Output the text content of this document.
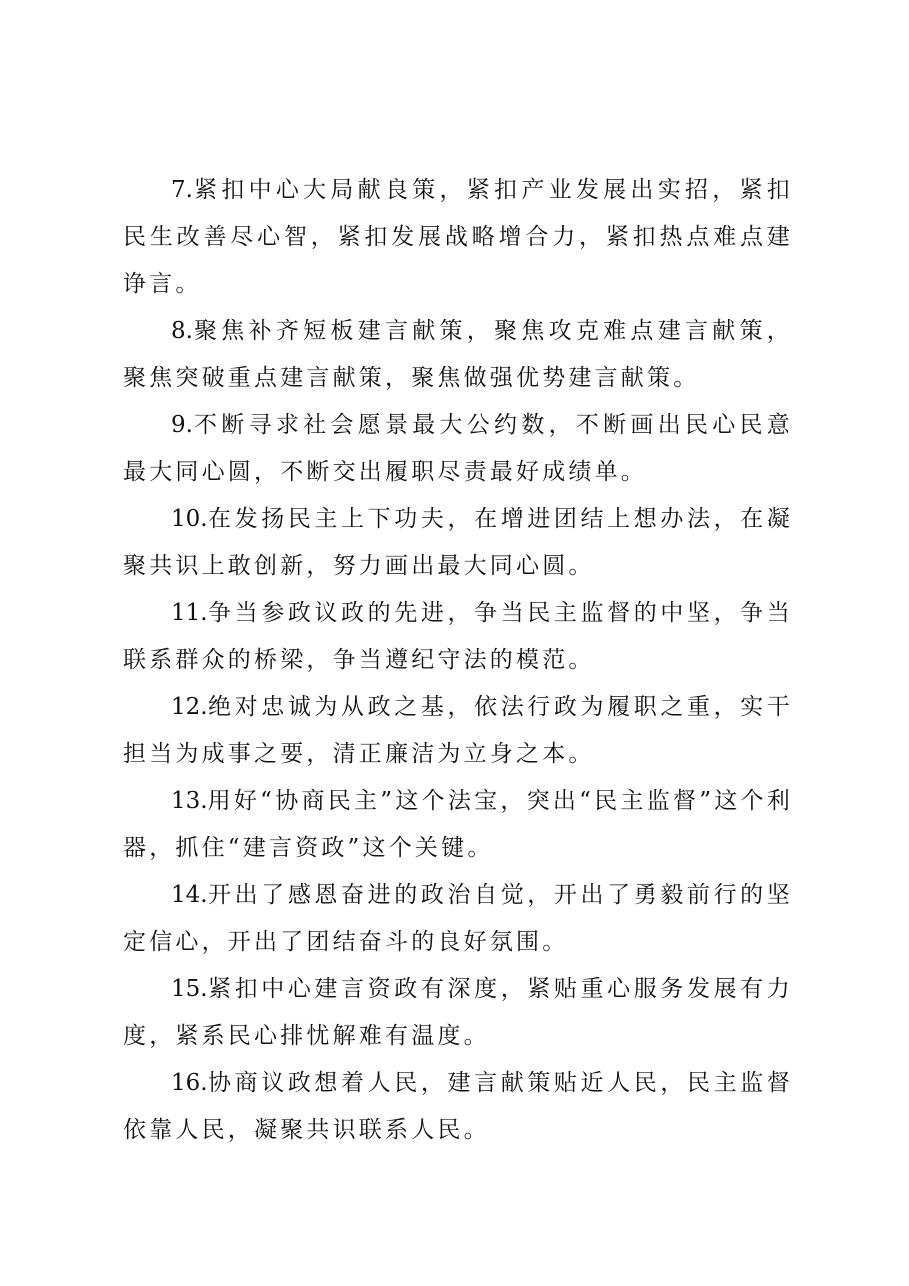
7.紧扣中心大局献良策，紧扣产业发展出实招，紧扣民生改善尽心智，紧扣发展战略增合力，紧扣热点难点建诤言。

8.聚焦补齐短板建言献策，聚焦攻克难点建言献策，聚焦突破重点建言献策，聚焦做强优势建言献策。

9.不断寻求社会愿景最大公约数，不断画出民心民意最大同心圆，不断交出履职尽责最好成绩单。

10.在发扬民主上下功夫，在增进团结上想办法，在凝聚共识上敢创新，努力画出最大同心圆。

11.争当参政议政的先进，争当民主监督的中坚，争当联系群众的桥梁，争当遵纪守法的模范。

12.绝对忠诚为从政之基，依法行政为履职之重，实干担当为成事之要，清正廉洁为立身之本。

13.用好“协商民主”这个法宝，突出“民主监督”这个利器，抓住“建言资政”这个关键。

14.开出了感恩奋进的政治自觉，开出了勇毅前行的坚定信心，开出了团结奋斗的良好氛围。

15.紧扣中心建言资政有深度，紧贴重心服务发展有力度，紧系民心排忧解难有温度。

16.协商议政想着人民，建言献策贴近人民，民主监督依靠人民，凝聚共识联系人民。
